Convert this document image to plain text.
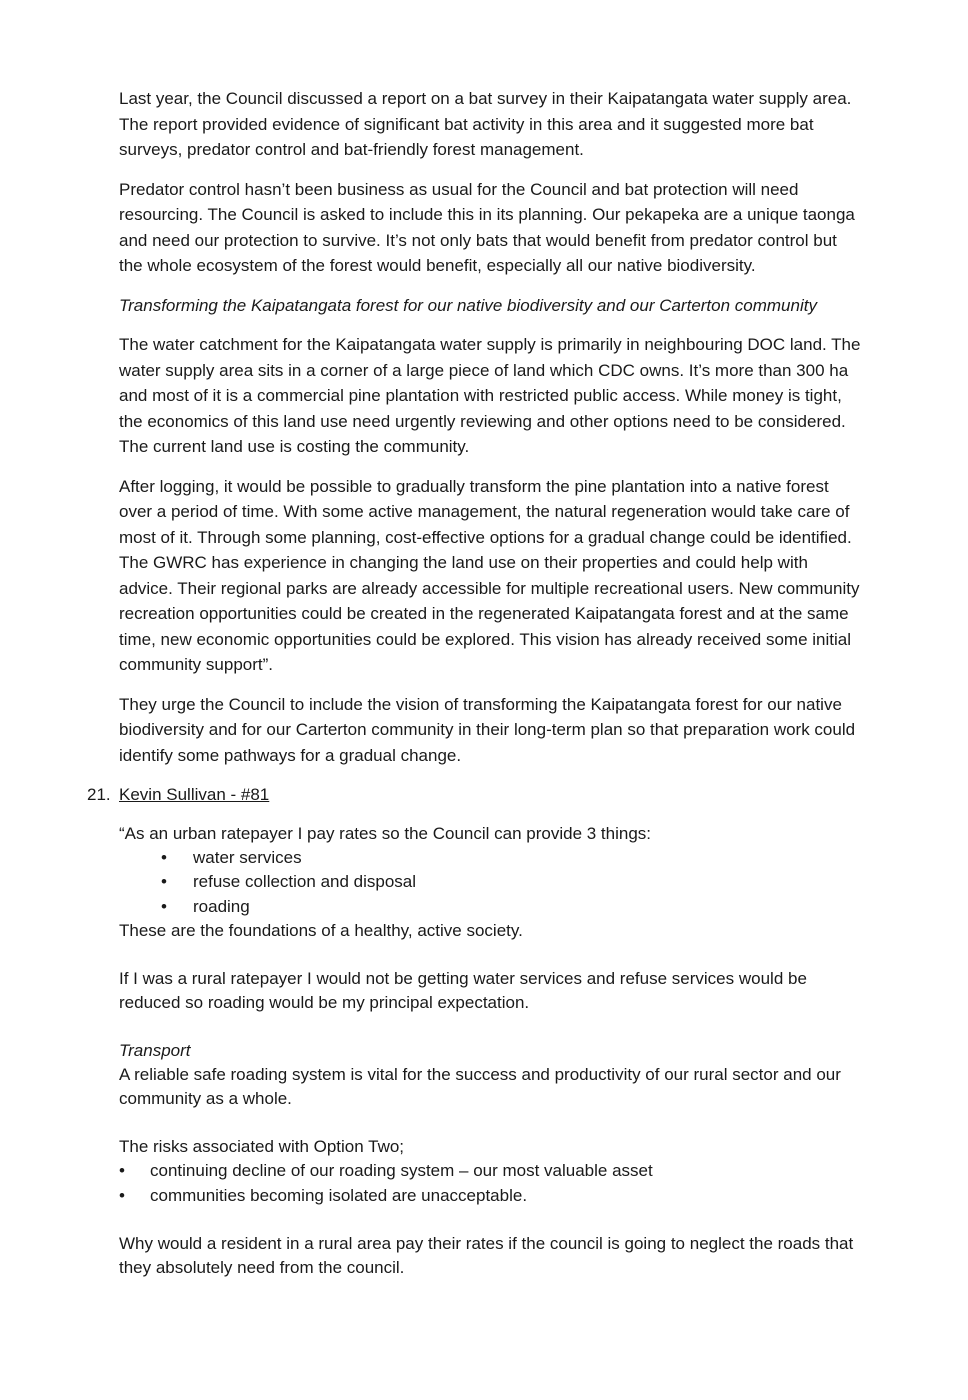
Last year, the Council discussed a report on a bat survey in their Kaipatangata water supply area. The report provided evidence of significant bat activity in this area and it suggested more bat surveys, predator control and bat-friendly forest management.

Predator control hasn’t been business as usual for the Council and bat protection will need resourcing. The Council is asked to include this in its planning. Our pekapeka are a unique taonga and need our protection to survive. It’s not only bats that would benefit from predator control but the whole ecosystem of the forest would benefit, especially all our native biodiversity.

Transforming the Kaipatangata forest for our native biodiversity and our Carterton community

The water catchment for the Kaipatangata water supply is primarily in neighbouring DOC land. The water supply area sits in a corner of a large piece of land which CDC owns. It’s more than 300 ha and most of it is a commercial pine plantation with restricted public access. While money is tight, the economics of this land use need urgently reviewing and other options need to be considered. The current land use is costing the community.

After logging, it would be possible to gradually transform the pine plantation into a native forest over a period of time. With some active management, the natural regeneration would take care of most of it. Through some planning, cost-effective options for a gradual change could be identified. The GWRC has experience in changing the land use on their properties and could help with advice. Their regional parks are already accessible for multiple recreational users. New community recreation opportunities could be created in the regenerated Kaipatangata forest and at the same time, new economic opportunities could be explored. This vision has already received some initial community support”.

They urge the Council to include the vision of transforming the Kaipatangata forest for our native biodiversity and for our Carterton community in their long-term plan so that preparation work could identify some pathways for a gradual change.

21. Kevin Sullivan - #81
“As an urban ratepayer I pay rates so the Council can provide 3 things:
• water services
• refuse collection and disposal
• roading
These are the foundations of a healthy, active society.
If I was a rural ratepayer I would not be getting water services and refuse services would be reduced so roading would be my principal expectation.
Transport
A reliable safe roading system is vital for the success and productivity of our rural sector and our community as a whole.
The risks associated with Option Two;
• continuing decline of our roading system – our most valuable asset
• communities becoming isolated are unacceptable.
Why would a resident in a rural area pay their rates if the council is going to neglect the roads that they absolutely need from the council.
